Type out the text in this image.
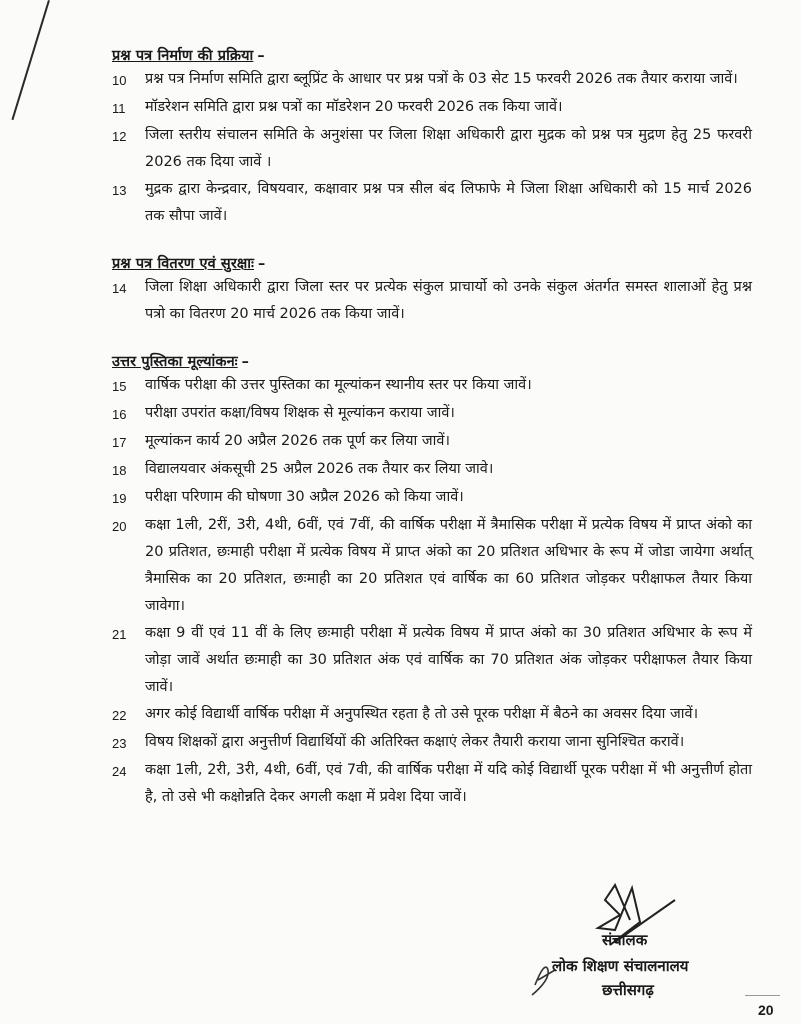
प्रश्न पत्र निर्माण की प्रक्रिया –

10	प्रश्न पत्र निर्माण समिति द्वारा ब्लूप्रिंट के आधार पर प्रश्न पत्रों के 03 सेट 15 फरवरी 2026 तक तैयार कराया जावें।
11	मॉडरेशन समिति द्वारा प्रश्न पत्रों का मॉडरेशन 20 फरवरी 2026 तक किया जावें।
12	जिला स्तरीय संचालन समिति के अनुशंसा पर जिला शिक्षा अधिकारी द्वारा मुद्रक को प्रश्न पत्र मुद्रण हेतु 25 फरवरी 2026 तक दिया जावें ।
13	मुद्रक द्वारा केन्द्रवार, विषयवार, कक्षावार प्रश्न पत्र सील बंद लिफाफे मे जिला शिक्षा अधिकारी को 15 मार्च 2026 तक सौपा जावें।

प्रश्न पत्र वितरण एवं सुरक्षाः –

14	जिला शिक्षा अधिकारी द्वारा जिला स्तर पर प्रत्येक संकुल प्राचार्यो को उनके संकुल अंतर्गत समस्त शालाओं हेतु प्रश्न पत्रो का वितरण 20 मार्च 2026 तक किया जावें।

उत्तर पुस्तिका मूल्यांकनः –

15	वार्षिक परीक्षा की उत्तर पुस्तिका का मूल्यांकन स्थानीय स्तर पर किया जावें।
16	परीक्षा उपरांत कक्षा/विषय शिक्षक से मूल्यांकन कराया जावें।
17	मूल्यांकन कार्य 20 अप्रैल 2026 तक पूर्ण कर लिया जावें।
18	विद्यालयवार अंकसूची 25 अप्रैल 2026 तक तैयार कर लिया जावे।
19	परीक्षा परिणाम की घोषणा 30 अप्रैल 2026 को किया जावें।
20	कक्षा 1ली, 2रीं, 3री, 4थी, 6वीं, एवं 7वीं, की वार्षिक परीक्षा में त्रैमासिक परीक्षा में प्रत्येक विषय में प्राप्त अंको का 20 प्रतिशत, छःमाही परीक्षा में प्रत्येक विषय में प्राप्त अंको का 20 प्रतिशत अधिभार के रूप में जोडा जायेगा अर्थात् त्रैमासिक का 20 प्रतिशत, छःमाही का 20 प्रतिशत एवं वार्षिक का 60 प्रतिशत जोड़कर परीक्षाफल तैयार किया जावेगा।
21	कक्षा 9 वीं एवं 11 वीं के लिए छःमाही परीक्षा में प्रत्येक विषय में प्राप्त अंको का 30 प्रतिशत अधिभार के रूप में जोड़ा जावें अर्थात छःमाही का 30 प्रतिशत अंक एवं वार्षिक का 70 प्रतिशत अंक जोड़कर परीक्षाफल तैयार किया जावें।
22	अगर कोई विद्यार्थी वार्षिक परीक्षा में अनुपस्थित रहता है तो उसे पूरक परीक्षा में बैठने का अवसर दिया जावें।
23	विषय शिक्षकों द्वारा अनुत्तीर्ण विद्यार्थियों की अतिरिक्त कक्षाएं लेकर तैयारी कराया जाना सुनिश्चित करावें।
24	कक्षा 1ली, 2री, 3री, 4थी, 6वीं, एवं 7वी, की वार्षिक परीक्षा में यदि कोई विद्यार्थी पूरक परीक्षा में भी अनुत्तीर्ण होता है, तो उसे भी कक्षोन्नति देकर अगली कक्षा में प्रवेश दिया जावें।
संचालक
लोक शिक्षण संचालनालय
छत्तीसगढ़
20
